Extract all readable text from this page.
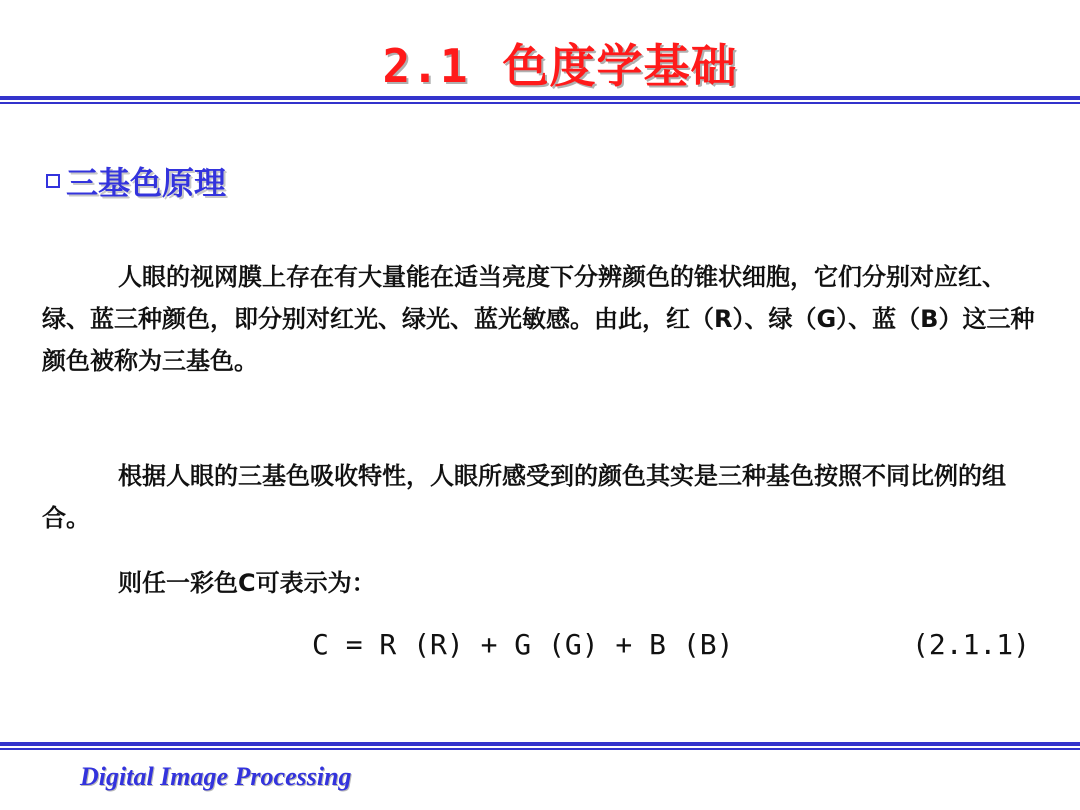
2.1 色度学基础
三基色原理
人眼的视网膜上存在有大量能在适当亮度下分辨颜色的锥状细胞，它们分别对应红、绿、蓝三种颜色，即分别对红光、绿光、蓝光敏感。由此，红（R）、绿（G）、蓝（B）这三种颜色被称为三基色。
根据人眼的三基色吸收特性，人眼所感受到的颜色其实是三种基色按照不同比例的组合。
则任一彩色C可表示为：
C = R (R) + G (G) + B (B)	(2.1.1)
Digital Image Processing
